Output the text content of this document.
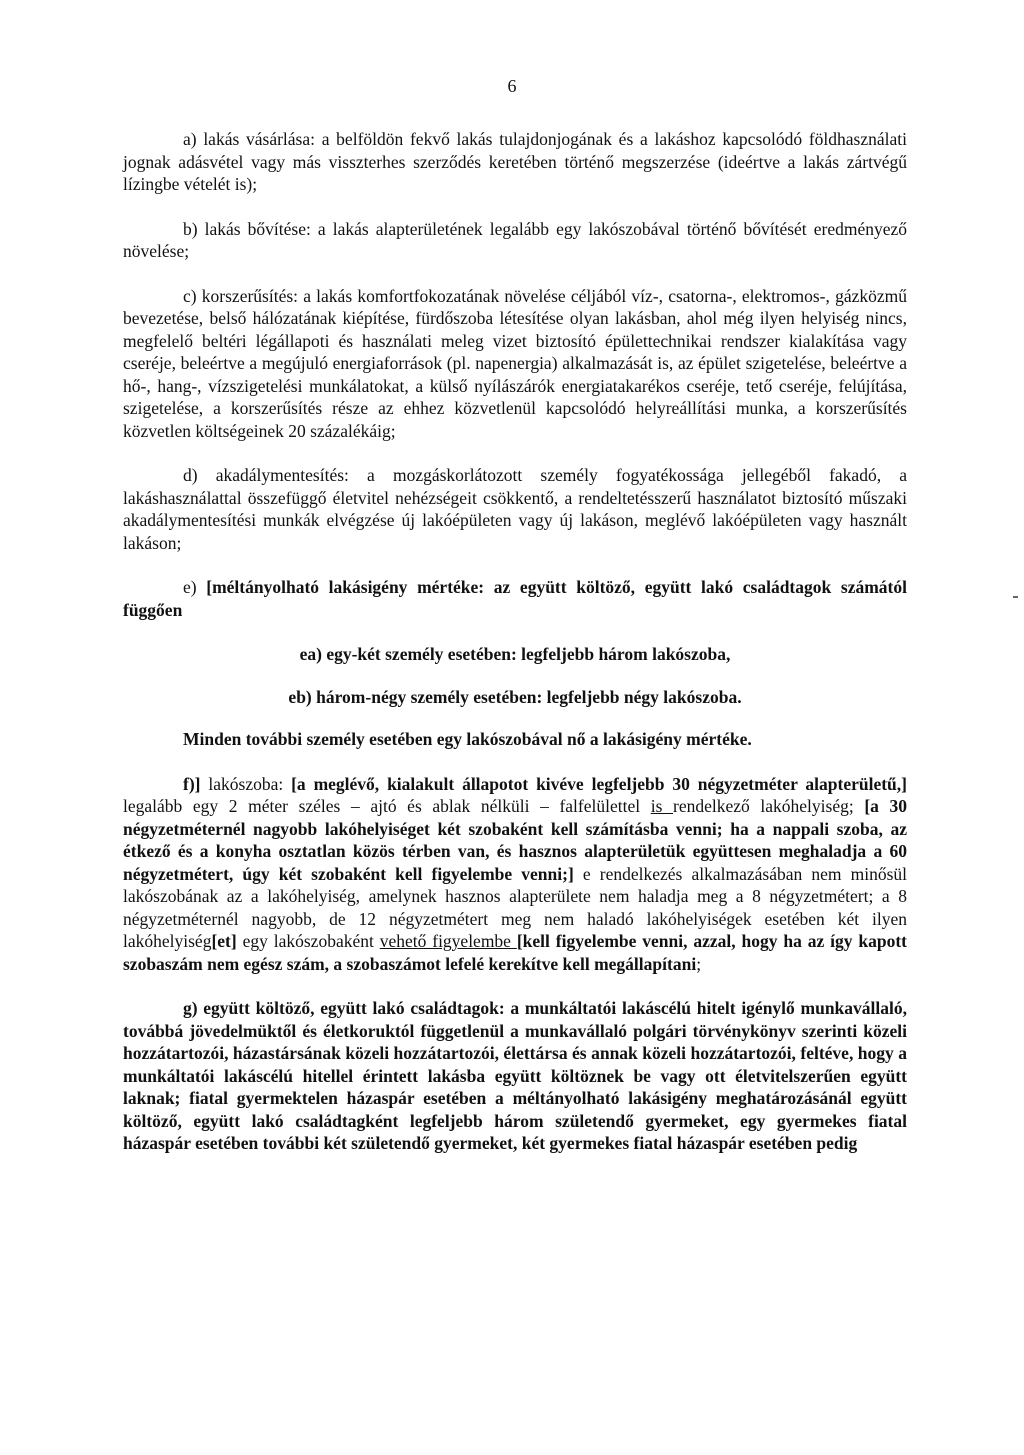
6

a) lakás vásárlása: a belföldön fekvő lakás tulajdonjogának és a lakáshoz kapcsolódó földhasználati jognak adásvétel vagy más visszterhes szerződés keretében történő megszerzése (ideértve a lakás zártvégű lízingbe vételét is);

b) lakás bővítése: a lakás alapterületének legalább egy lakószobával történő bővítését eredményező növelése;

c) korszerűsítés: a lakás komfortfokozatának növelése céljából víz-, csatorna-, elektromos-, gázközmű bevezetése, belső hálózatának kiépítése, fürdőszoba létesítése olyan lakásban, ahol még ilyen helyiség nincs, megfelelő beltéri légállapoti és használati meleg vizet biztosító épülettechnikai rendszer kialakítása vagy cseréje, beleértve a megújuló energiaforrások (pl. napenergia) alkalmazását is, az épület szigetelése, beleértve a hő-, hang-, vízszigetelési munkálatokat, a külső nyílászárók energiatakarékos cseréje, tető cseréje, felújítása, szigetelése, a korszerűsítés része az ehhez közvetlenül kapcsolódó helyreállítási munka, a korszerűsítés közvetlen költségeinek 20 százalékáig;

d) akadálymentesítés: a mozgáskorlátozott személy fogyatékossága jellegéből fakadó, a lakáshasználattal összefüggő életvitel nehézségeit csökkentő, a rendeltetésszerű használatot biztosító műszaki akadálymentesítési munkák elvégzése új lakóépületen vagy új lakáson, meglévő lakóépületen vagy használt lakáson;

e) [méltányolható lakásigény mértéke: az együtt költöző, együtt lakó családtagok számától függően

ea) egy-két személy esetében: legfeljebb három lakószoba,

eb) három-négy személy esetében: legfeljebb négy lakószoba.

Minden további személy esetében egy lakószobával nő a lakásigény mértéke.

f)] lakószoba: [a meglévő, kialakult állapotot kivéve legfeljebb 30 négyzetméter alapterületű,] legalább egy 2 méter széles – ajtó és ablak nélküli – falfelülettel is rendelkező lakóhelyiség; [a 30 négyzetméternél nagyobb lakóhelyiséget két szobaként kell számításba venni; ha a nappali szoba, az étkező és a konyha osztatlan közös térben van, és hasznos alapterületük együttesen meghaladja a 60 négyzetmétert, úgy két szobaként kell figyelembe venni;] e rendelkezés alkalmazásában nem minősül lakószobának az a lakóhelyiség, amelynek hasznos alapterülete nem haladja meg a 8 négyzetmétert; a 8 négyzetméternél nagyobb, de 12 négyzetmétert meg nem haladó lakóhelyiségek esetében két ilyen lakóhelyiség[et] egy lakószobaként vehető figyelembe [kell figyelembe venni, azzal, hogy ha az így kapott szobaszám nem egész szám, a szobaszámot lefelé kerekítve kell megállapítani;

g) együtt költöző, együtt lakó családtagok: a munkáltatói lakáscélú hitelt igénylő munkavállaló, továbbá jövedelmüktől és életkoruktól függetlenül a munkavállaló polgári törvénykönyv szerinti közeli hozzátartozói, házastársának közeli hozzátartozói, élettársa és annak közeli hozzátartozói, feltéve, hogy a munkáltatói lakáscélú hitellel érintett lakásba együtt költöznek be vagy ott életvitelszerűen együtt laknak; fiatal gyermektelen házaspár esetében a méltányolható lakásigény meghatározásánál együtt költöző, együtt lakó családtagként legfeljebb három születendő gyermeket, egy gyermekes fiatal házaspár esetében további két születendő gyermeket, két gyermekes fiatal házaspár esetében pedig
